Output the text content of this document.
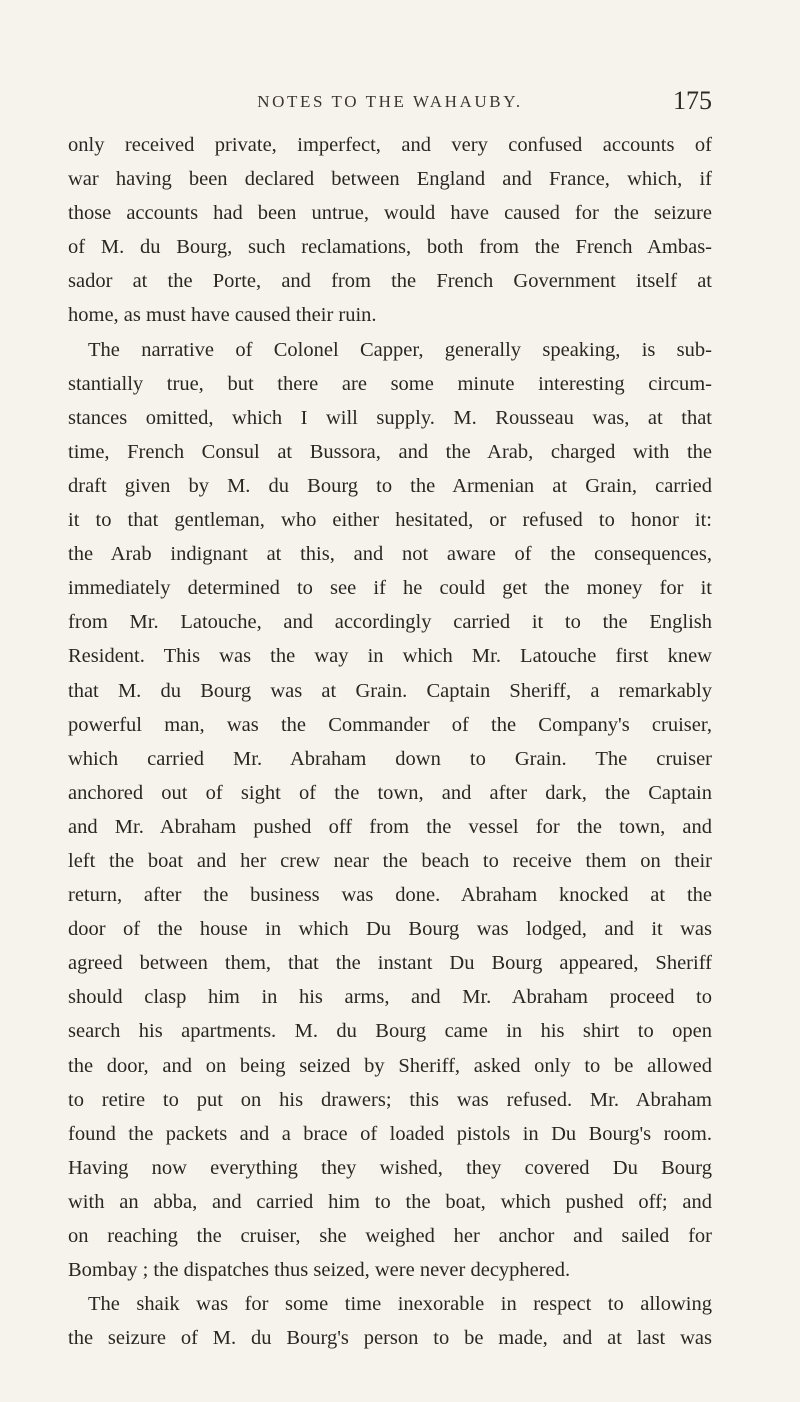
NOTES TO THE WAHAUBY.	175
only received private, imperfect, and very confused accounts of
war having been declared between England and France, which, if
those accounts had been untrue, would have caused for the seizure
of M. du Bourg, such reclamations, both from the French Ambas-
sador at the Porte, and from the French Government itself at
home, as must have caused their ruin.
The narrative of Colonel Capper, generally speaking, is sub-
stantially true, but there are some minute interesting circum-
stances omitted, which I will supply. M. Rousseau was, at that
time, French Consul at Bussora, and the Arab, charged with the
draft given by M. du Bourg to the Armenian at Grain, carried
it to that gentleman, who either hesitated, or refused to honor it:
the Arab indignant at this, and not aware of the consequences,
immediately determined to see if he could get the money for it
from Mr. Latouche, and accordingly carried it to the English
Resident. This was the way in which Mr. Latouche first knew
that M. du Bourg was at Grain. Captain Sheriff, a remarkably
powerful man, was the Commander of the Company's cruiser,
which carried Mr. Abraham down to Grain. The cruiser
anchored out of sight of the town, and after dark, the Captain
and Mr. Abraham pushed off from the vessel for the town, and
left the boat and her crew near the beach to receive them on their
return, after the business was done. Abraham knocked at the
door of the house in which Du Bourg was lodged, and it was
agreed between them, that the instant Du Bourg appeared, Sheriff
should clasp him in his arms, and Mr. Abraham proceed to
search his apartments. M. du Bourg came in his shirt to open
the door, and on being seized by Sheriff, asked only to be allowed
to retire to put on his drawers; this was refused. Mr. Abraham
found the packets and a brace of loaded pistols in Du Bourg's room.
Having now everything they wished, they covered Du Bourg
with an abba, and carried him to the boat, which pushed off; and
on reaching the cruiser, she weighed her anchor and sailed for
Bombay ; the dispatches thus seized, were never decyphered.
The shaik was for some time inexorable in respect to allowing
the seizure of M. du Bourg's person to be made, and at last was
